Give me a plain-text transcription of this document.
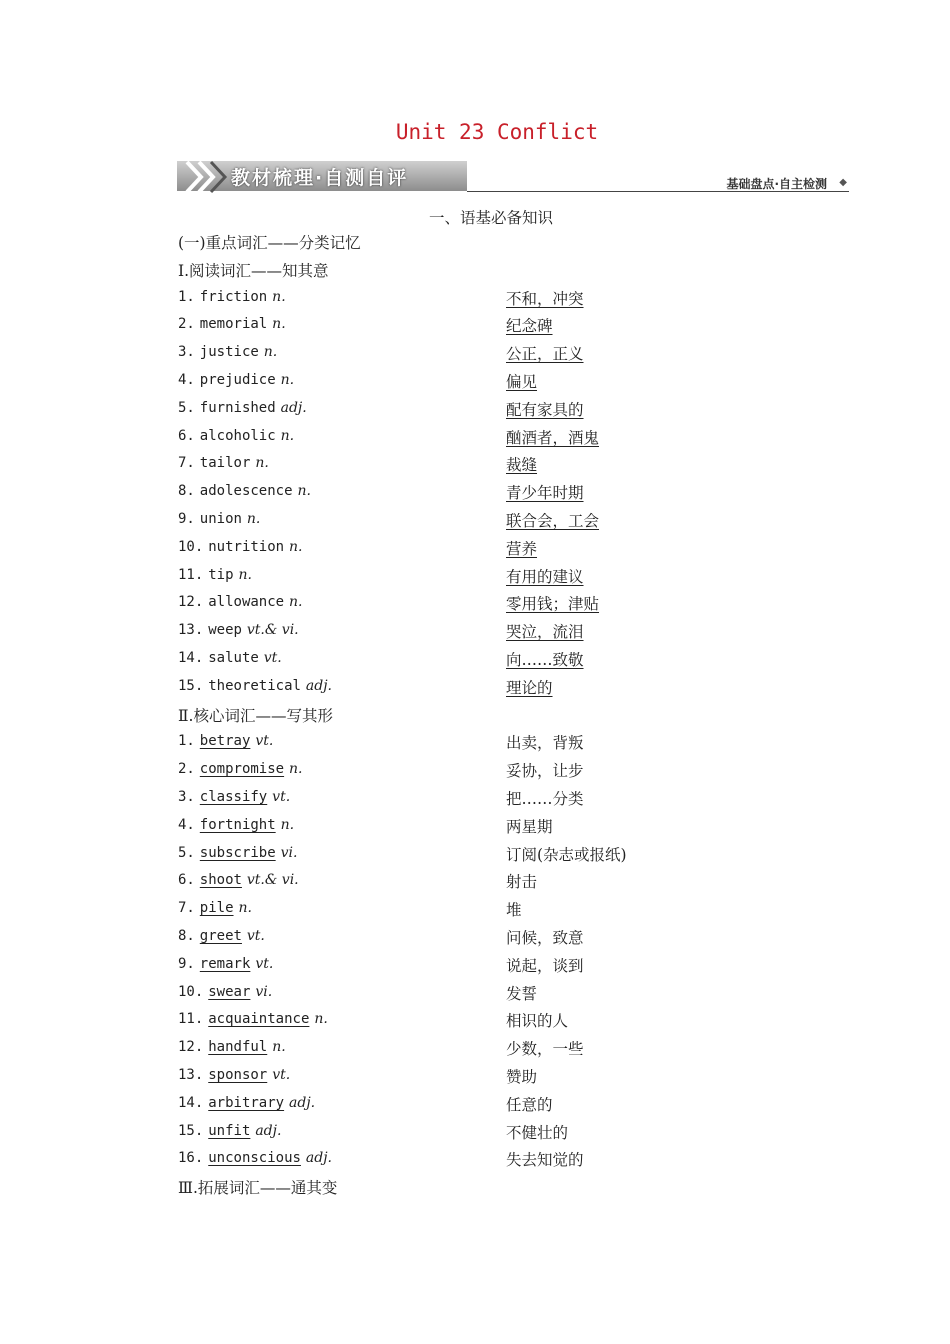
Unit 23 Conflict
教材梳理·自测自评	基础盘点·自主检测 ◆
一、语基必备知识
(一)重点词汇——分类记忆
Ⅰ.阅读词汇——知其意
1. friction n.	不和，冲突
2. memorial n.	纪念碑
3. justice n.	公正，正义
4. prejudice n.	偏见
5. furnished adj.	配有家具的
6. alcoholic n.	酗酒者，酒鬼
7. tailor n.	裁缝
8. adolescence n.	青少年时期
9. union n.	联合会，工会
10. nutrition n.	营养
11. tip n.	有用的建议
12. allowance n.	零用钱；津贴
13. weep vt.& vi.	哭泣，流泪
14. salute vt.	向……致敬
15. theoretical adj.	理论的
Ⅱ.核心词汇——写其形
1. betray vt.	出卖，背叛
2. compromise n.	妥协，让步
3. classify vt.	把……分类
4. fortnight n.	两星期
5. subscribe vi.	订阅(杂志或报纸)
6. shoot vt.& vi.	射击
7. pile n.	堆
8. greet vt.	问候，致意
9. remark vt.	说起，谈到
10. swear vi.	发誓
11. acquaintance n.	相识的人
12. handful n.	少数，一些
13. sponsor vt.	赞助
14. arbitrary adj.	任意的
15. unfit adj.	不健壮的
16. unconscious adj.	失去知觉的
Ⅲ.拓展词汇——通其变
